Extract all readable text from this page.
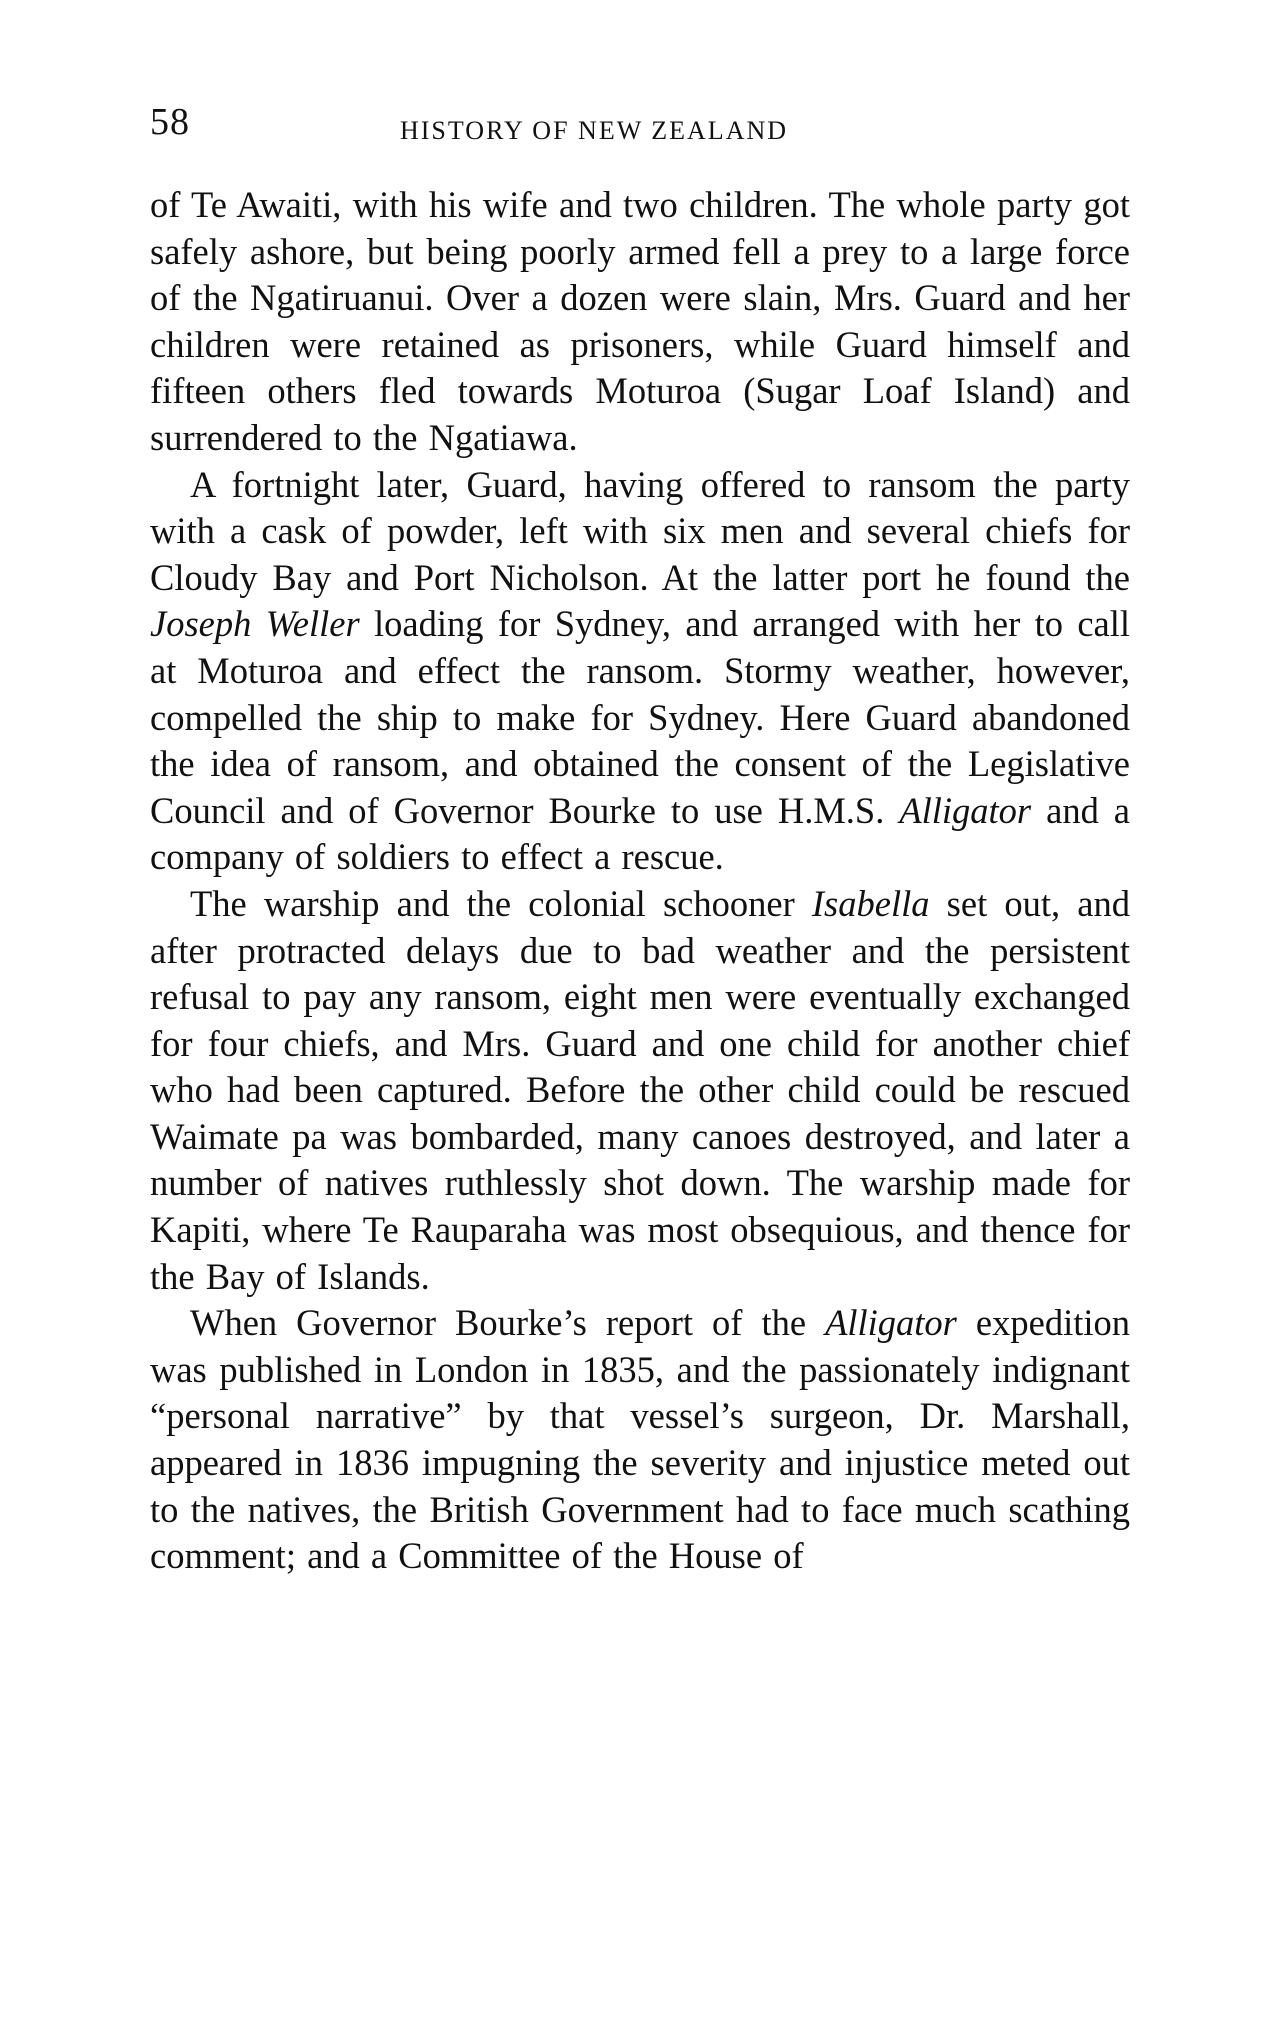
58	HISTORY OF NEW ZEALAND

of Te Awaiti, with his wife and two children. The whole party got safely ashore, but being poorly armed fell a prey to a large force of the Ngatiruanui. Over a dozen were slain, Mrs. Guard and her children were retained as prisoners, while Guard himself and fifteen others fled towards Moturoa (Sugar Loaf Island) and surrendered to the Ngatiawa.

A fortnight later, Guard, having offered to ransom the party with a cask of powder, left with six men and several chiefs for Cloudy Bay and Port Nicholson. At the latter port he found the Joseph Weller loading for Sydney, and arranged with her to call at Moturoa and effect the ransom. Stormy weather, however, compelled the ship to make for Sydney. Here Guard abandoned the idea of ransom, and obtained the consent of the Legislative Council and of Governor Bourke to use H.M.S. Alligator and a company of soldiers to effect a rescue.

The warship and the colonial schooner Isabella set out, and after protracted delays due to bad weather and the persistent refusal to pay any ransom, eight men were eventually exchanged for four chiefs, and Mrs. Guard and one child for another chief who had been captured. Before the other child could be rescued Waimate pa was bombarded, many canoes destroyed, and later a number of natives ruthlessly shot down. The warship made for Kapiti, where Te Rauparaha was most obsequious, and thence for the Bay of Islands.

When Governor Bourke’s report of the Alligator expedition was published in London in 1835, and the passionately indignant “personal narrative” by that vessel’s surgeon, Dr. Marshall, appeared in 1836 impugning the severity and injustice meted out to the natives, the British Government had to face much scathing comment; and a Committee of the House of
